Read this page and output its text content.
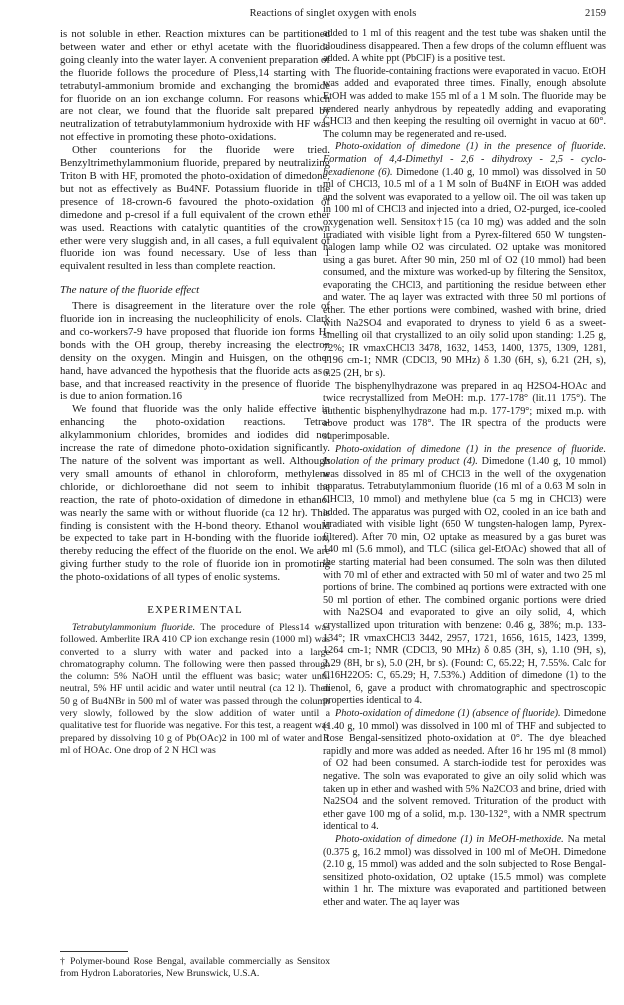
Reactions of singlet oxygen with enols	2159

is not soluble in ether. Reaction mixtures can be partitioned between water and ether or ethyl acetate with the fluoride going cleanly into the water layer. A convenient preparation of the fluoride follows the procedure of Pless,14 starting with tetrabutyl-ammonium bromide and exchanging the bromide for fluoride on an ion exchange column. For reasons which are not clear, we found that the fluoride salt prepared by neutralization of tetrabutylammonium hydroxide with HF was not effective in promoting these photo-oxidations.

Other counterions for the fluoride were tried. Benzyltrimethylammonium fluoride, prepared by neutralizing Triton B with HF, promoted the photo-oxidation of dimedone, but not as effectively as Bu4NF. Potassium fluoride in the presence of 18-crown-6 favoured the photo-oxidation of dimedone and p-cresol if a full equivalent of the crown ether was used. Reactions with catalytic quantities of the crown ether were very sluggish and, in all cases, a full equivalent of fluoride ion was found necessary. Use of less than 1 equivalent resulted in less than complete reaction.

The nature of the fluoride effect

There is disagreement in the literature over the role of fluoride ion in increasing the nucleophilicity of enols. Clark and co-workers7-9 have proposed that fluoride ion forms H-bonds with the OH group, thereby increasing the electron density on the oxygen. Mingin and Huisgen, on the other hand, have advanced the hypothesis that the fluoride acts as a base, and that increased reactivity in the presence of fluoride is due to anion formation.16

We found that fluoride was the only halide effective in enhancing the photo-oxidation reactions. Tetra-alkylammonium chlorides, bromides and iodides did not increase the rate of dimedone photo-oxidation significantly. The nature of the solvent was important as well. Although very small amounts of ethanol in chloroform, methylene chloride, or dichloroethane did not seem to inhibit the reaction, the rate of photo-oxidation of dimedone in ethanol was nearly the same with or without fluoride (ca 12 hr). This finding is consistent with the H-bond theory. Ethanol would be expected to take part in H-bonding with the fluoride ion, thereby reducing the effect of the fluoride on the enol. We are giving further study to the role of fluoride ion in promoting the photo-oxidations of all types of enolic systems.

EXPERIMENTAL

Tetrabutylammonium fluoride. The procedure of Pless14 was followed. Amberlite IRA 410 CP ion exchange resin (1000 ml) was converted to a slurry with water and packed into a large chromatography column. The following were then passed through the column: 5% NaOH until the effluent was basic; water until neutral, 5% HF until acidic and water until neutral (ca 12 l). Then 50 g of Bu4NBr in 500 ml of water was passed through the column very slowly, followed by the slow addition of water until a qualitative test for fluoride was negative. For this test, a reagent was prepared by dissolving 10 g of Pb(OAc)2 in 100 ml of water and 1 ml of HOAc. One drop of 2 N HCl was

† Polymer-bound Rose Bengal, available commercially as Sensitox from Hydron Laboratories, New Brunswick, U.S.A.

added to 1 ml of this reagent and the test tube was shaken until the cloudiness disappeared. Then a few drops of the column effluent was added. A white ppt (PbClF) is a positive test.

The fluoride-containing fractions were evaporated in vacuo. EtOH was added and evaporated three times. Finally, enough absolute EtOH was added to make 155 ml of a 1 M soln. The fluoride may be rendered nearly anhydrous by repeatedly adding and evaporating CHCl3 and then keeping the resulting oil overnight in vacuo at 60°. The column may be regenerated and re-used.

Photo-oxidation of dimedone (1) in the presence of fluoride. Formation of 4,4-Dimethyl - 2,6 - dihydroxy - 2,5 - cyclo-hexadienone (6). Dimedone (1.40 g, 10 mmol) was dissolved in 50 ml of CHCl3, 10.5 ml of a 1 M soln of Bu4NF in EtOH was added and the solvent was evaporated to a yellow oil. The oil was taken up in 100 ml of CHCl3 and injected into a dried, O2-purged, ice-cooled oxygenation well. Sensitox†15 (ca 10 mg) was added and the soln irradiated with visible light from a Pyrex-filtered 650 W tungsten-halogen lamp while O2 was circulated. O2 uptake was monitored using a gas buret. After 90 min, 250 ml of O2 (10 mmol) had been consumed, and the mixture was worked-up by filtering the Sensitox, evaporating the CHCl3, and partitioning the residue between ether and water. The aq layer was extracted with three 50 ml portions of ether. The ether portions were combined, washed with brine, dried with Na2SO4 and evaporated to dryness to yield 6 as a sweet-smelling oil that crystallized to an oily solid upon standing: 1.25 g, 72%; IR νmaxCHCl3 3478, 1632, 1453, 1400, 1375, 1309, 1281, 1196 cm-1; NMR (CDCl3, 90 MHz) δ 1.30 (6H, s), 6.21 (2H, s), 6.25 (2H, br s).

The bisphenylhydrazone was prepared in aq H2SO4-HOAc and twice recrystallized from MeOH: m.p. 177-178° (lit.11 175°). The authentic bisphenylhydrazone had m.p. 177-179°; mixed m.p. with above product was 178°. The IR spectra of the products were superimposable.

Photo-oxidation of dimedone (1) in the presence of fluoride. Isolation of the primary product (4). Dimedone (1.40 g, 10 mmol) was dissolved in 85 ml of CHCl3 in the well of the oxygenation apparatus. Tetrabutylammonium fluoride (16 ml of a 0.63 M soln in CHCl3, 10 mmol) and methylene blue (ca 5 mg in CHCl3) were added. The apparatus was purged with O2, cooled in an ice bath and irradiated with visible light (650 W tungsten-halogen lamp, Pyrex-filtered). After 70 min, O2 uptake as measured by a gas buret was 140 ml (5.6 mmol), and TLC (silica gel-EtOAc) showed that all of the starting material had been consumed. The soln was then diluted with 70 ml of ether and extracted with 50 ml of water and two 25 ml portions of brine. The combined aq portions were extracted with one 50 ml portion of ether. The combined organic portions were dried with Na2SO4 and evaporated to give an oily solid, 4, which crystallized upon trituration with benzene: 0.46 g, 38%; m.p. 133-134°; IR νmaxCHCl3 3442, 2957, 1721, 1656, 1615, 1423, 1399, 1264 cm-1; NMR (CDCl3, 90 MHz) δ 0.85 (3H, s), 1.10 (9H, s), 2.29 (8H, br s), 5.0 (2H, br s). (Found: C, 65.22; H, 7.55%. Calc for C16H22O5: C, 65.29; H, 7.53%.) Addition of dimedone (1) to the dienol, 6, gave a product with chromatographic and spectroscopic properties identical to 4.

Photo-oxidation of dimedone (1) (absence of fluoride). Dimedone (1.40 g, 10 mmol) was dissolved in 100 ml of THF and subjected to Rose Bengal-sensitized photo-oxidation at 0°. The dye bleached rapidly and more was added as needed. After 16 hr 195 ml (8 mmol) of O2 had been consumed. A starch-iodide test for peroxides was negative. The soln was evaporated to give an oily solid which was taken up in ether and washed with 5% Na2CO3 and brine, dried with Na2SO4 and the solvent removed. Trituration of the product with ether gave 100 mg of a solid, m.p. 130-132°, with a NMR spectrum identical to 4.

Photo-oxidation of dimedone (1) in MeOH-methoxide. Na metal (0.375 g, 16.2 mmol) was dissolved in 100 ml of MeOH. Dimedone (2.10 g, 15 mmol) was added and the soln subjected to Rose Bengal-sensitized photo-oxidation, O2 uptake (15.5 mmol) was complete within 1 hr. The mixture was evaporated and partitioned between ether and water. The aq layer was
